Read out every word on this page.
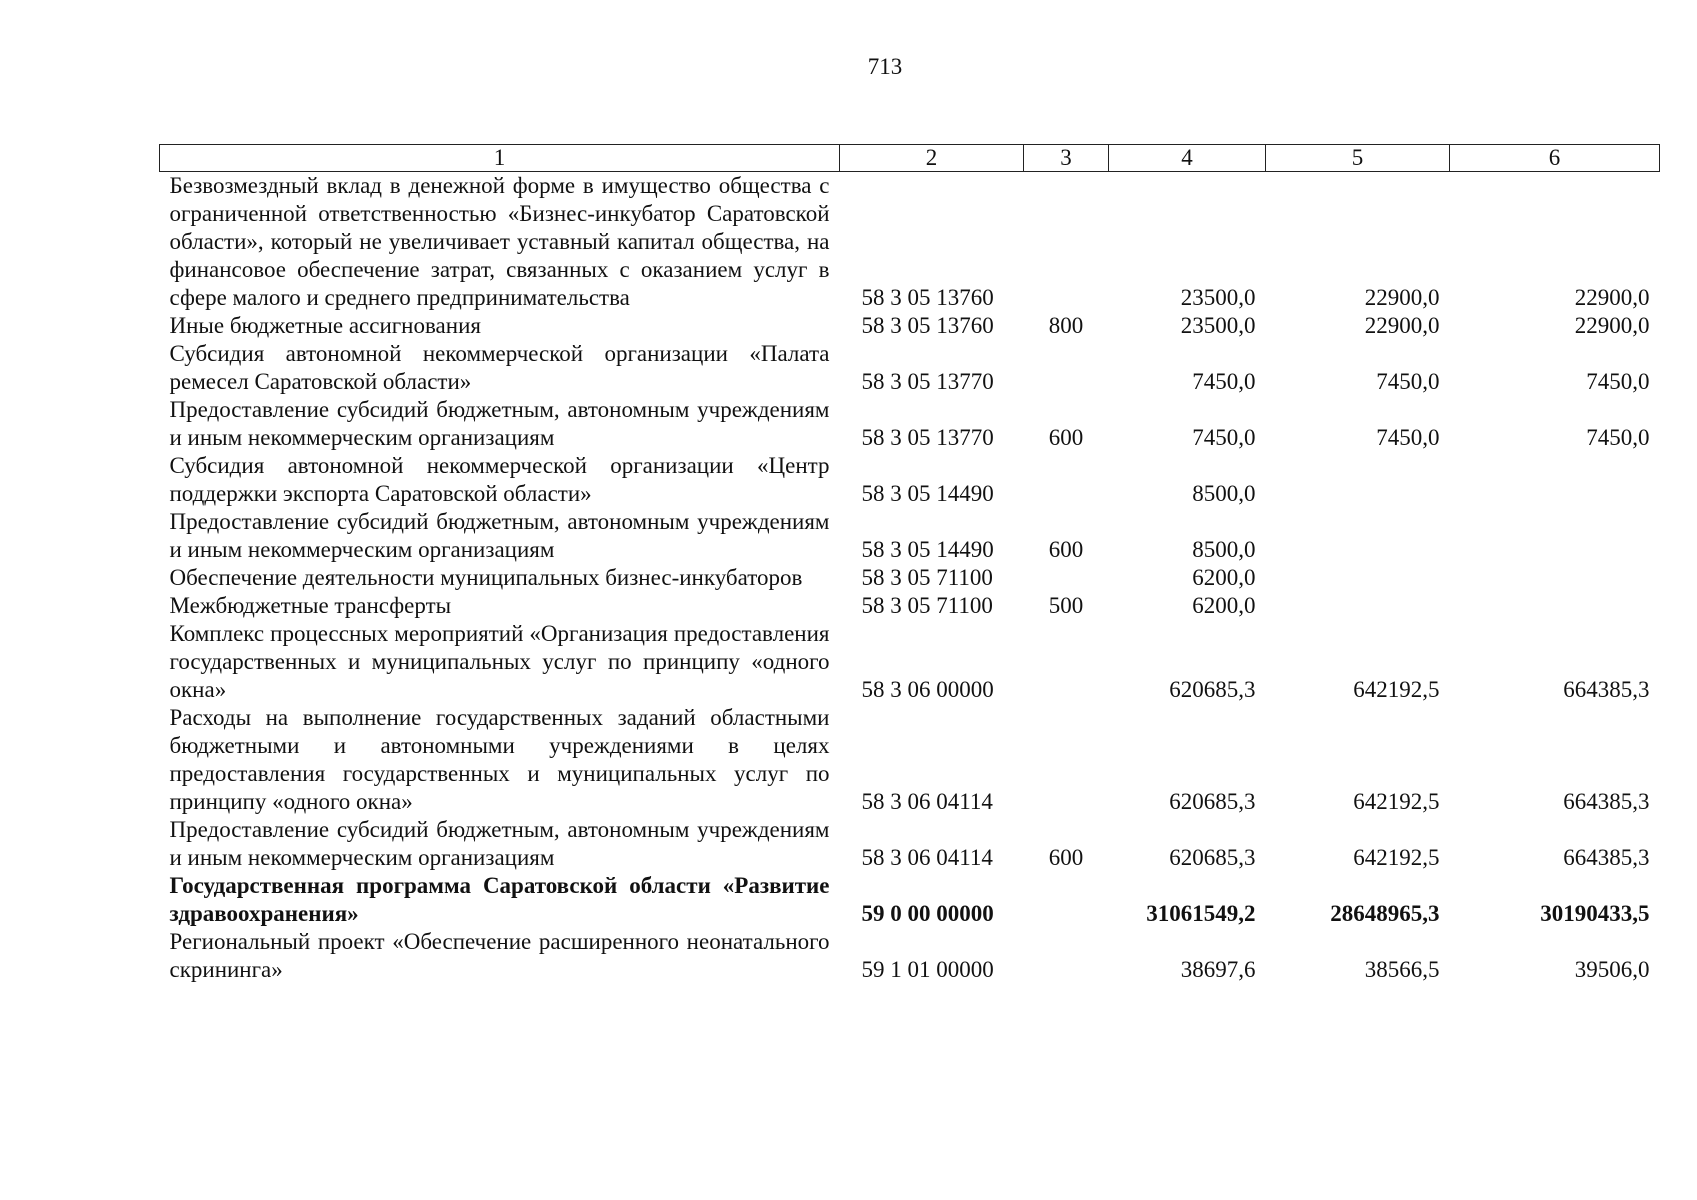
713
1	2	3	4	5	6
Безвозмездный вклад в денежной форме в имущество общества с ограниченной ответственностью «Бизнес-инкубатор Саратовской области», который не увеличивает уставный капитал общества, на финансовое обеспечение затрат, связанных с оказанием услуг в сфере малого и среднего предпринимательства	58 3 05 13760		23500,0	22900,0	22900,0
Иные бюджетные ассигнования	58 3 05 13760	800	23500,0	22900,0	22900,0
Субсидия автономной некоммерческой организации «Палата ремесел Саратовской области»	58 3 05 13770		7450,0	7450,0	7450,0
Предоставление субсидий бюджетным, автономным учреждениям и иным некоммерческим организациям	58 3 05 13770	600	7450,0	7450,0	7450,0
Субсидия автономной некоммерческой организации «Центр поддержки экспорта Саратовской области»	58 3 05 14490		8500,0		
Предоставление субсидий бюджетным, автономным учреждениям и иным некоммерческим организациям	58 3 05 14490	600	8500,0		
Обеспечение деятельности муниципальных бизнес-инкубаторов	58 3 05 71100		6200,0		
Межбюджетные трансферты	58 3 05 71100	500	6200,0		
Комплекс процессных мероприятий «Организация предоставления государственных и муниципальных услуг по принципу «одного окна»	58 3 06 00000		620685,3	642192,5	664385,3
Расходы на выполнение государственных заданий областными бюджетными и автономными учреждениями в целях предоставления государственных и муниципальных услуг по принципу «одного окна»	58 3 06 04114		620685,3	642192,5	664385,3
Предоставление субсидий бюджетным, автономным учреждениям и иным некоммерческим организациям	58 3 06 04114	600	620685,3	642192,5	664385,3
Государственная программа Саратовской области «Развитие здравоохранения»	59 0 00 00000		31061549,2	28648965,3	30190433,5
Региональный проект «Обеспечение расширенного неонатального скрининга»	59 1 01 00000		38697,6	38566,5	39506,0
